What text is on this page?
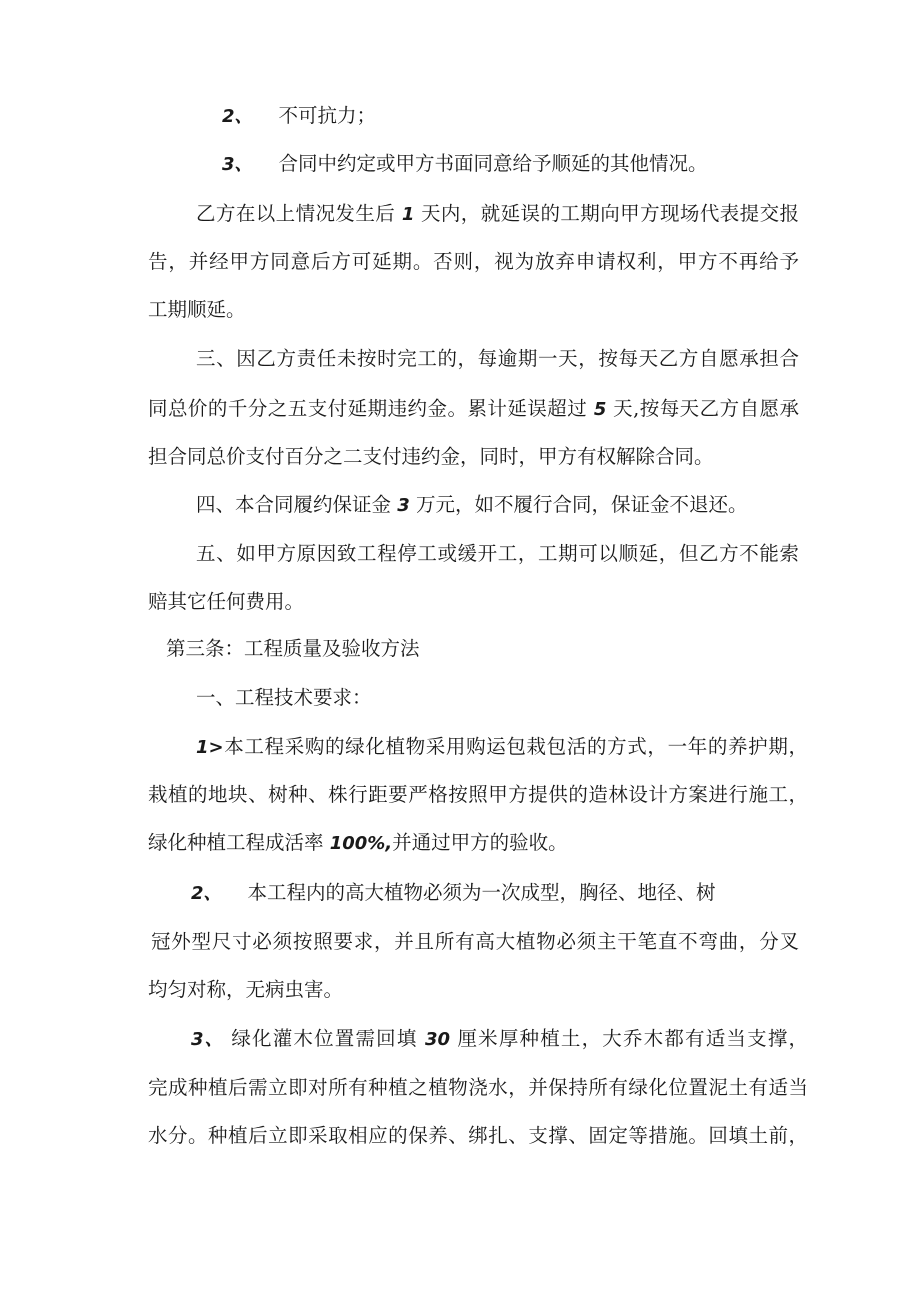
2、 不可抗力；

3、 合同中约定或甲方书面同意给予顺延的其他情况。

乙方在以上情况发生后 1 天内，就延误的工期向甲方现场代表提交报

告，并经甲方同意后方可延期。否则，视为放弃申请权利，甲方不再给予

工期顺延。

三、因乙方责任未按时完工的，每逾期一天，按每天乙方自愿承担合

同总价的千分之五支付延期违约金。累计延误超过 5 天,按每天乙方自愿承

担合同总价支付百分之二支付违约金，同时，甲方有权解除合同。

四、本合同履约保证金 3 万元，如不履行合同，保证金不退还。

五、如甲方原因致工程停工或缓开工，工期可以顺延，但乙方不能索

赔其它任何费用。

第三条：工程质量及验收方法

一、工程技术要求：

1>本工程采购的绿化植物采用购运包栽包活的方式，一年的养护期，

栽植的地块、树种、株行距要严格按照甲方提供的造林设计方案进行施工，

绿化种植工程成活率 100%,并通过甲方的验收。

2、 本工程内的高大植物必须为一次成型，胸径、地径、树

冠外型尺寸必须按照要求，并且所有高大植物必须主干笔直不弯曲，分叉

均匀对称，无病虫害。

3、 绿化灌木位置需回填 30 厘米厚种植土，大乔木都有适当支撑，

完成种植后需立即对所有种植之植物浇水，并保持所有绿化位置泥土有适当

水分。种植后立即采取相应的保养、绑扎、支撑、固定等措施。回填土前，
